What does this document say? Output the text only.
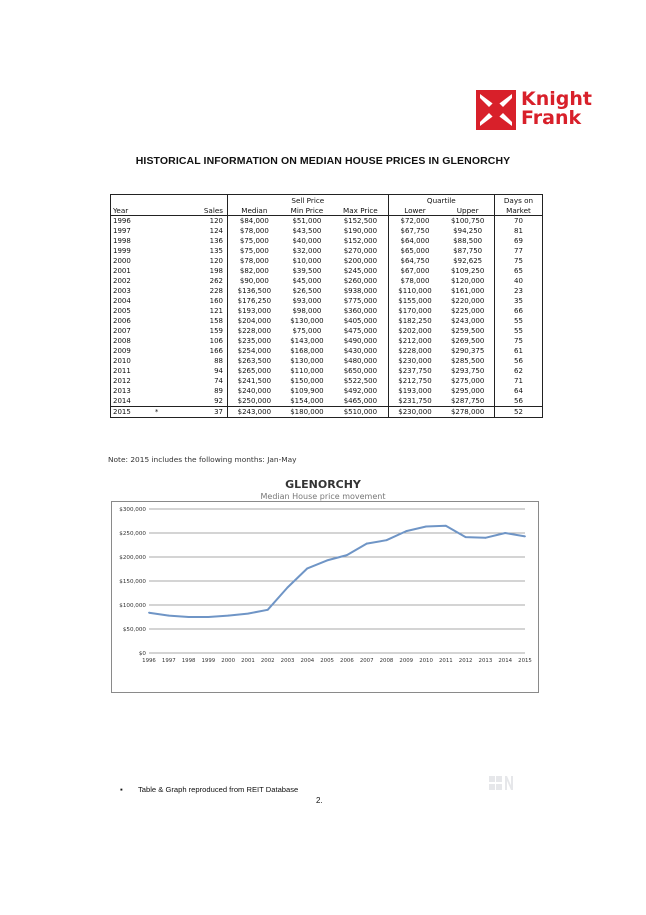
Knight
Frank
HISTORICAL INFORMATION ON MEDIAN HOUSE PRICES IN GLENORCHY
		Sell Price			Quartile		Days on
Year	Sales	Median	Min Price	Max Price	Lower	Upper	Market
1996	120	$84,000	$51,000	$152,500	$72,000	$100,750	70
1997	124	$78,000	$43,500	$190,000	$67,750	$94,250	81
1998	136	$75,000	$40,000	$152,000	$64,000	$88,500	69
1999	135	$75,000	$32,000	$270,000	$65,000	$87,750	77
2000	120	$78,000	$10,000	$200,000	$64,750	$92,625	75
2001	198	$82,000	$39,500	$245,000	$67,000	$109,250	65
2002	262	$90,000	$45,000	$260,000	$78,000	$120,000	40
2003	228	$136,500	$26,500	$938,000	$110,000	$161,000	23
2004	160	$176,250	$93,000	$775,000	$155,000	$220,000	35
2005	121	$193,000	$98,000	$360,000	$170,000	$225,000	66
2006	158	$204,000	$130,000	$405,000	$182,250	$243,000	55
2007	159	$228,000	$75,000	$475,000	$202,000	$259,500	55
2008	106	$235,000	$143,000	$490,000	$212,000	$269,500	75
2009	166	$254,000	$168,000	$430,000	$228,000	$290,375	61
2010	88	$263,500	$130,000	$480,000	$230,000	$285,500	56
2011	94	$265,000	$110,000	$650,000	$237,750	$293,750	62
2012	74	$241,500	$150,000	$522,500	$212,750	$275,000	71
2013	89	$240,000	$109,900	$492,000	$193,000	$295,000	64
2014	92	$250,000	$154,000	$465,000	$231,750	$287,750	56
2015 *	37	$243,000	$180,000	$510,000	$230,000	$278,000	52
Note: 2015 includes the following months: Jan-May
GLENORCHY
Median House price movement
$0
$50,000
$100,000
$150,000
$200,000
$250,000
$300,000
1996 1997 1998 1999 2000 2001 2002 2003 2004 2005 2006 2007 2008 2009 2010 2011 2012 2013 2014 2015
▪ Table & Graph reproduced from REIT Database
2.
